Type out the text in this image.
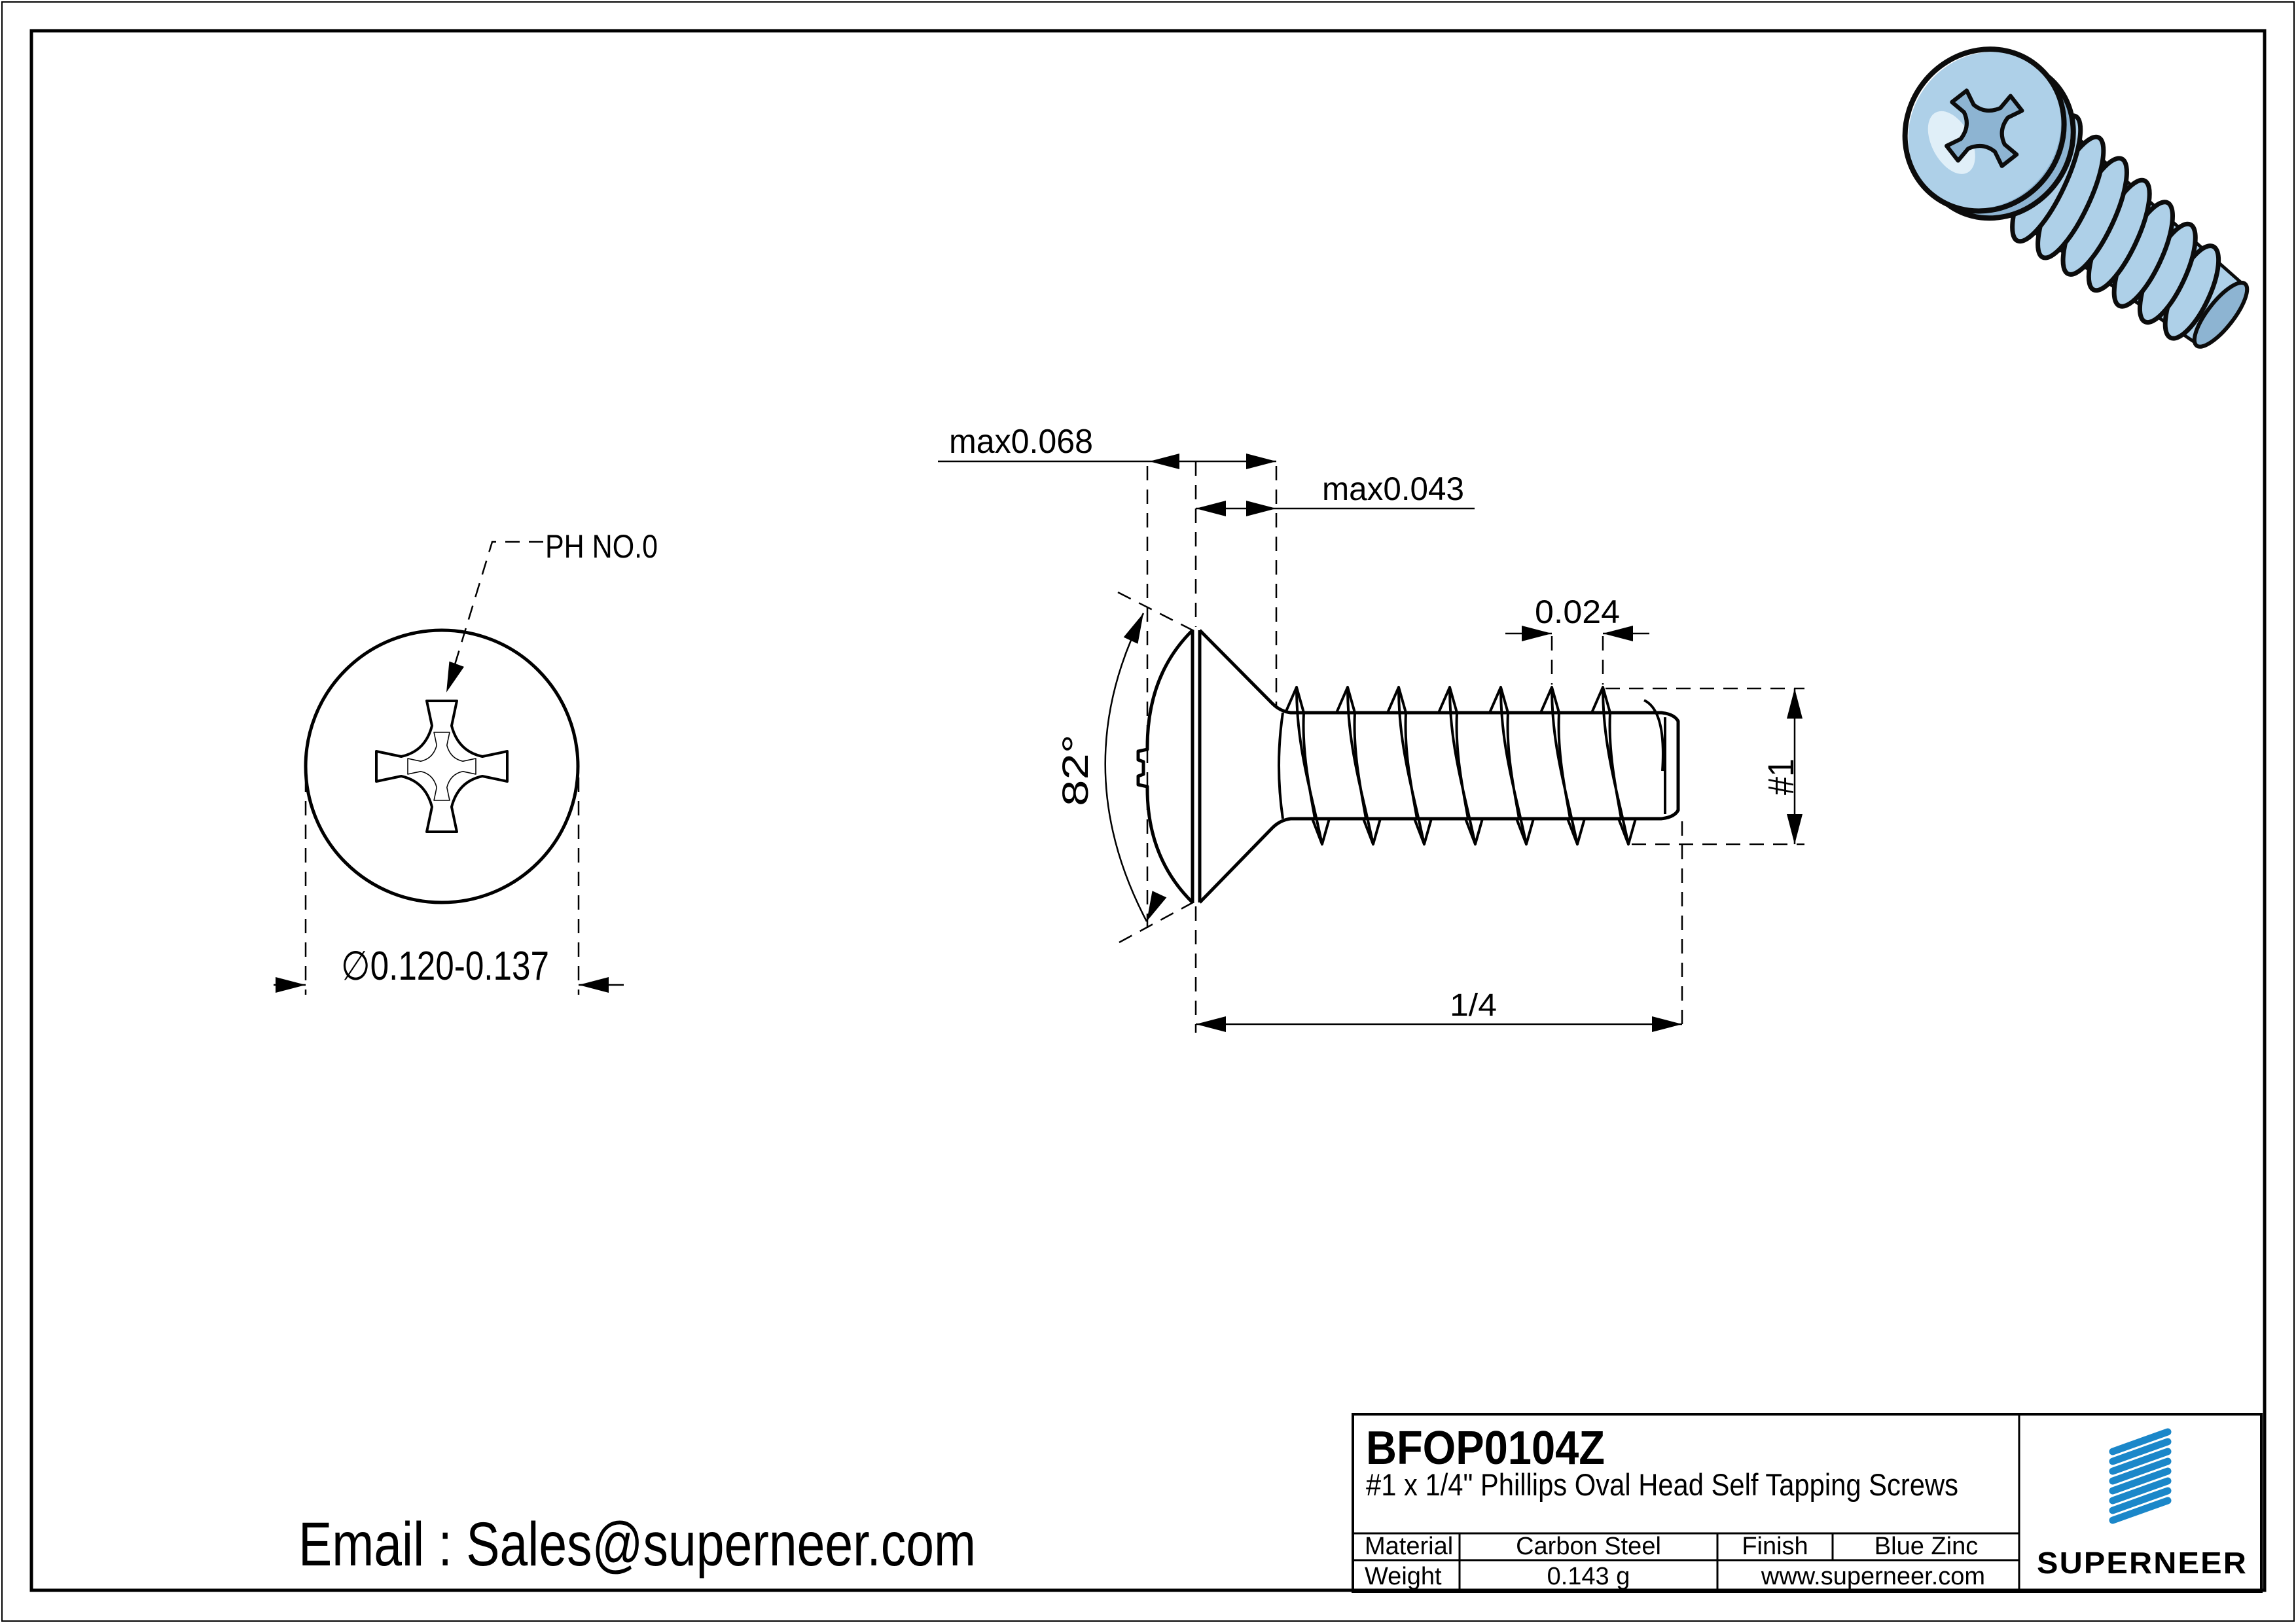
PH NO.0
∅0.120-0.137
82°
max0.068
max0.043
0.024
#1
1/4
Email : Sales@superneer.com
BFOP0104Z
#1 x 1/4" Phillips Oval Head Self Tapping Screws
Material	Carbon Steel	Finish	Blue Zinc
Weight	0.143 g	www.superneer.com SUPERNEER
